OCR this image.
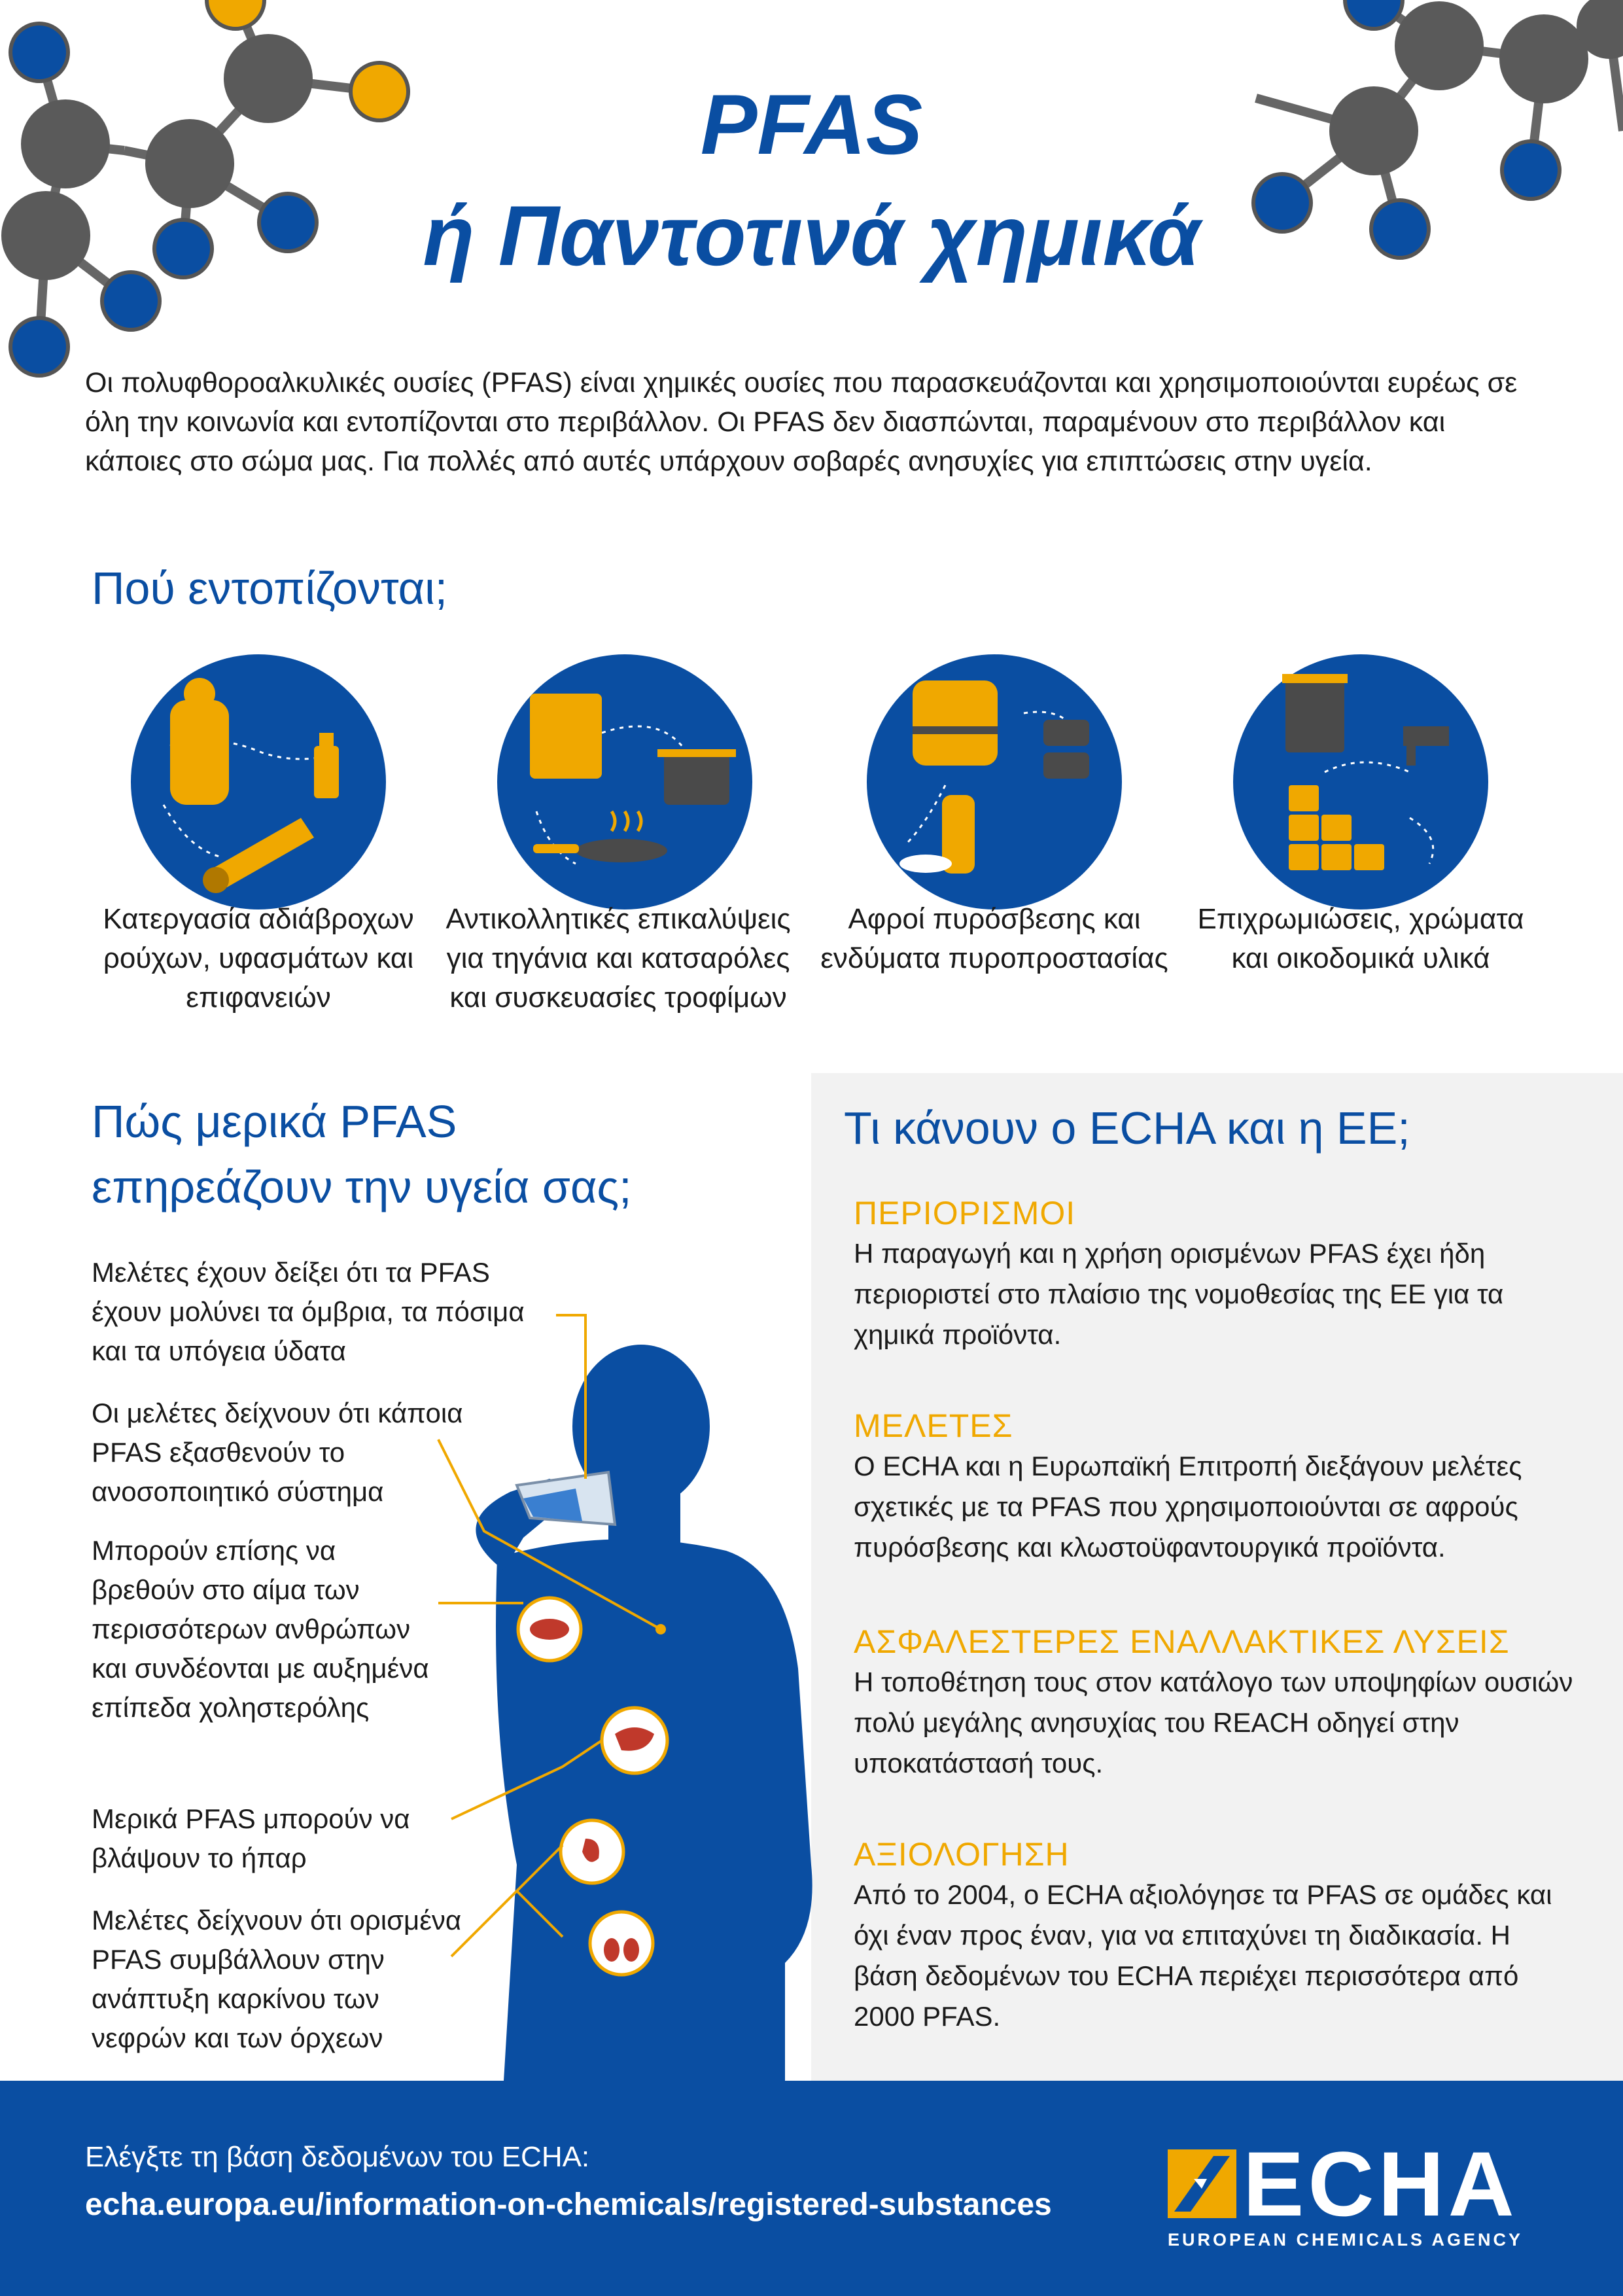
PFAS
ή Παντοτινά χημικά
Οι πολυφθοροαλκυλικές ουσίες (PFAS) είναι χημικές ουσίες που παρασκευάζονται και χρησιμοποιούνται ευρέως σε όλη την κοινωνία και εντοπίζονται στο περιβάλλον. Οι PFAS δεν διασπώνται, παραμένουν στο περιβάλλον και κάποιες στο σώμα μας. Για πολλές από αυτές υπάρχουν σοβαρές ανησυχίες για επιπτώσεις στην υγεία.
Πού εντοπίζονται;
Κατεργασία αδιάβροχων ρούχων, υφασμάτων και επιφανειών
Αντικολλητικές επικαλύψεις για τηγάνια και κατσαρόλες και συσκευασίες τροφίμων
Αφροί πυρόσβεσης και ενδύματα πυροπροστασίας
Επιχρωμιώσεις, χρώματα και οικοδομικά υλικά
Πώς μερικά PFAS
επηρεάζουν την υγεία σας;
Μελέτες έχουν δείξει ότι τα PFAS έχουν μολύνει τα όμβρια, τα πόσιμα και τα υπόγεια ύδατα
Οι μελέτες δείχνουν ότι κάποια PFAS εξασθενούν το ανοσοποιητικό σύστημα
Μπορούν επίσης να βρεθούν στο αίμα των περισσότερων ανθρώπων και συνδέονται με αυξημένα επίπεδα χοληστερόλης
Μερικά PFAS μπορούν να βλάψουν το ήπαρ
Μελέτες δείχνουν ότι ορισμένα PFAS συμβάλλουν στην ανάπτυξη καρκίνου των νεφρών και των όρχεων
Τι κάνουν ο ECHA και η ΕΕ;
ΠΕΡΙΟΡΙΣΜΟΙ
Η παραγωγή και η χρήση ορισμένων PFAS έχει ήδη περιοριστεί στο πλαίσιο της νομοθεσίας της ΕΕ για τα χημικά προϊόντα.
ΜΕΛΕΤΕΣ
Ο ECHA και η Ευρωπαϊκή Επιτροπή διεξάγουν μελέτες σχετικές με τα PFAS που χρησιμοποιούνται σε αφρούς πυρόσβεσης και κλωστοϋφαντουργικά προϊόντα.
ΑΣΦΑΛΕΣΤΕΡΕΣ ΕΝΑΛΛΑΚΤΙΚΕΣ ΛΥΣΕΙΣ
Η τοποθέτηση τους στον κατάλογο των υποψηφίων ουσιών πολύ μεγάλης ανησυχίας του REACH οδηγεί στην υποκατάστασή τους.
ΑΞΙΟΛΟΓΗΣΗ
Από το 2004, ο ECHA αξιολόγησε τα PFAS σε ομάδες και όχι έναν προς έναν, για να επιταχύνει τη διαδικασία. Η βάση δεδομένων του ECHA περιέχει περισσότερα από 2000 PFAS.
Ελέγξτε τη βάση δεδομένων του ECHA:
echa.europa.eu/information-on-chemicals/registered-substances ECHA
EUROPEAN CHEMICALS AGENCY
